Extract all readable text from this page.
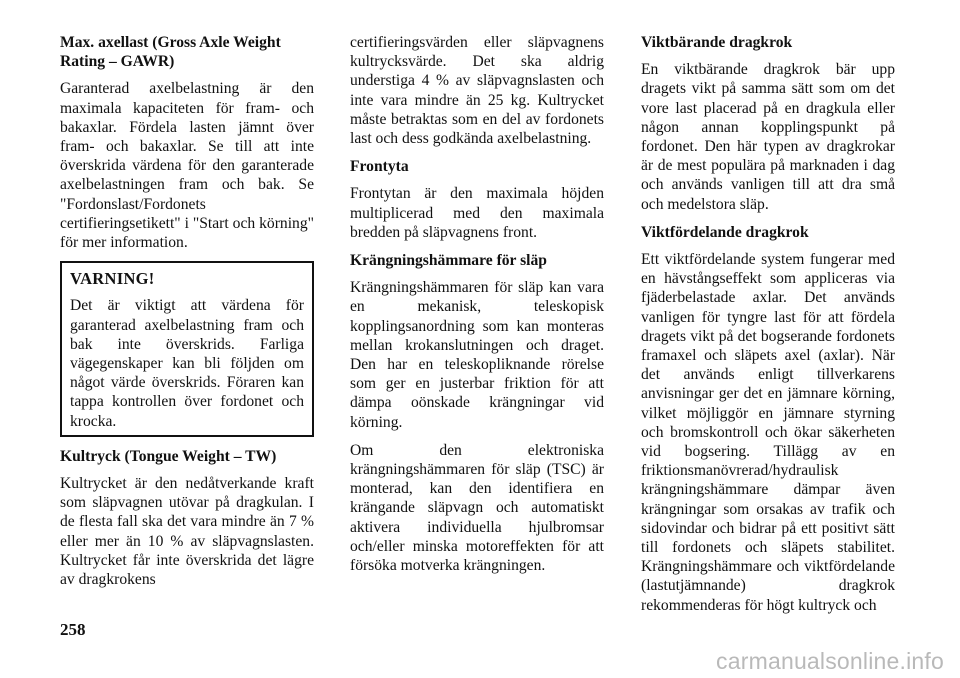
Max. axellast (Gross Axle Weight Rating – GAWR)

Garanterad axelbelastning är den maximala kapaciteten för fram- och bakaxlar. Fördela lasten jämnt över fram- och bakaxlar. Se till att inte överskrida värdena för den garanterade axelbelastningen fram och bak. Se "Fordonslast/Fordonets certifieringsetikett" i "Start och körning" för mer information.

VARNING!

Det är viktigt att värdena för garanterad axelbelastning fram och bak inte överskrids. Farliga vägegenskaper kan bli följden om något värde överskrids. Föraren kan tappa kontrollen över fordonet och krocka.

Kultryck (Tongue Weight – TW)

Kultrycket är den nedåtverkande kraft som släpvagnen utövar på dragkulan. I de flesta fall ska det vara mindre än 7 % eller mer än 10 % av släpvagnslasten. Kultrycket får inte överskrida det lägre av dragkrokens

certifieringsvärden eller släpvagnens kultrycksvärde. Det ska aldrig understiga 4 % av släpvagnslasten och inte vara mindre än 25 kg. Kultrycket måste betraktas som en del av fordonets last och dess godkända axelbelastning.

Frontyta

Frontytan är den maximala höjden multiplicerad med den maximala bredden på släpvagnens front.

Krängningshämmare för släp

Krängningshämmaren för släp kan vara en mekanisk, teleskopisk kopplingsanordning som kan monteras mellan krokanslutningen och draget. Den har en teleskopliknande rörelse som ger en justerbar friktion för att dämpa oönskade krängningar vid körning.

Om den elektroniska krängningshämmaren för släp (TSC) är monterad, kan den identifiera en krängande släpvagn och automatiskt aktivera individuella hjulbromsar och/eller minska motoreffekten för att försöka motverka krängningen.

Viktbärande dragkrok

En viktbärande dragkrok bär upp dragets vikt på samma sätt som om det vore last placerad på en dragkula eller någon annan kopplingspunkt på fordonet. Den här typen av dragkrokar är de mest populära på marknaden i dag och används vanligen till att dra små och medelstora släp.

Viktfördelande dragkrok

Ett viktfördelande system fungerar med en hävstångseffekt som appliceras via fjäderbelastade axlar. Det används vanligen för tyngre last för att fördela dragets vikt på det bogserande fordonets framaxel och släpets axel (axlar). När det används enligt tillverkarens anvisningar ger det en jämnare körning, vilket möjliggör en jämnare styrning och bromskontroll och ökar säkerheten vid bogsering. Tillägg av en friktionsmanövrerad/hydraulisk krängningshämmare dämpar även krängningar som orsakas av trafik och sidovindar och bidrar på ett positivt sätt till fordonets och släpets stabilitet. Krängningshämmare och viktfördelande (lastutjämnande) dragkrok rekommenderas för högt kultryck och

258
carmanualsonline.info
